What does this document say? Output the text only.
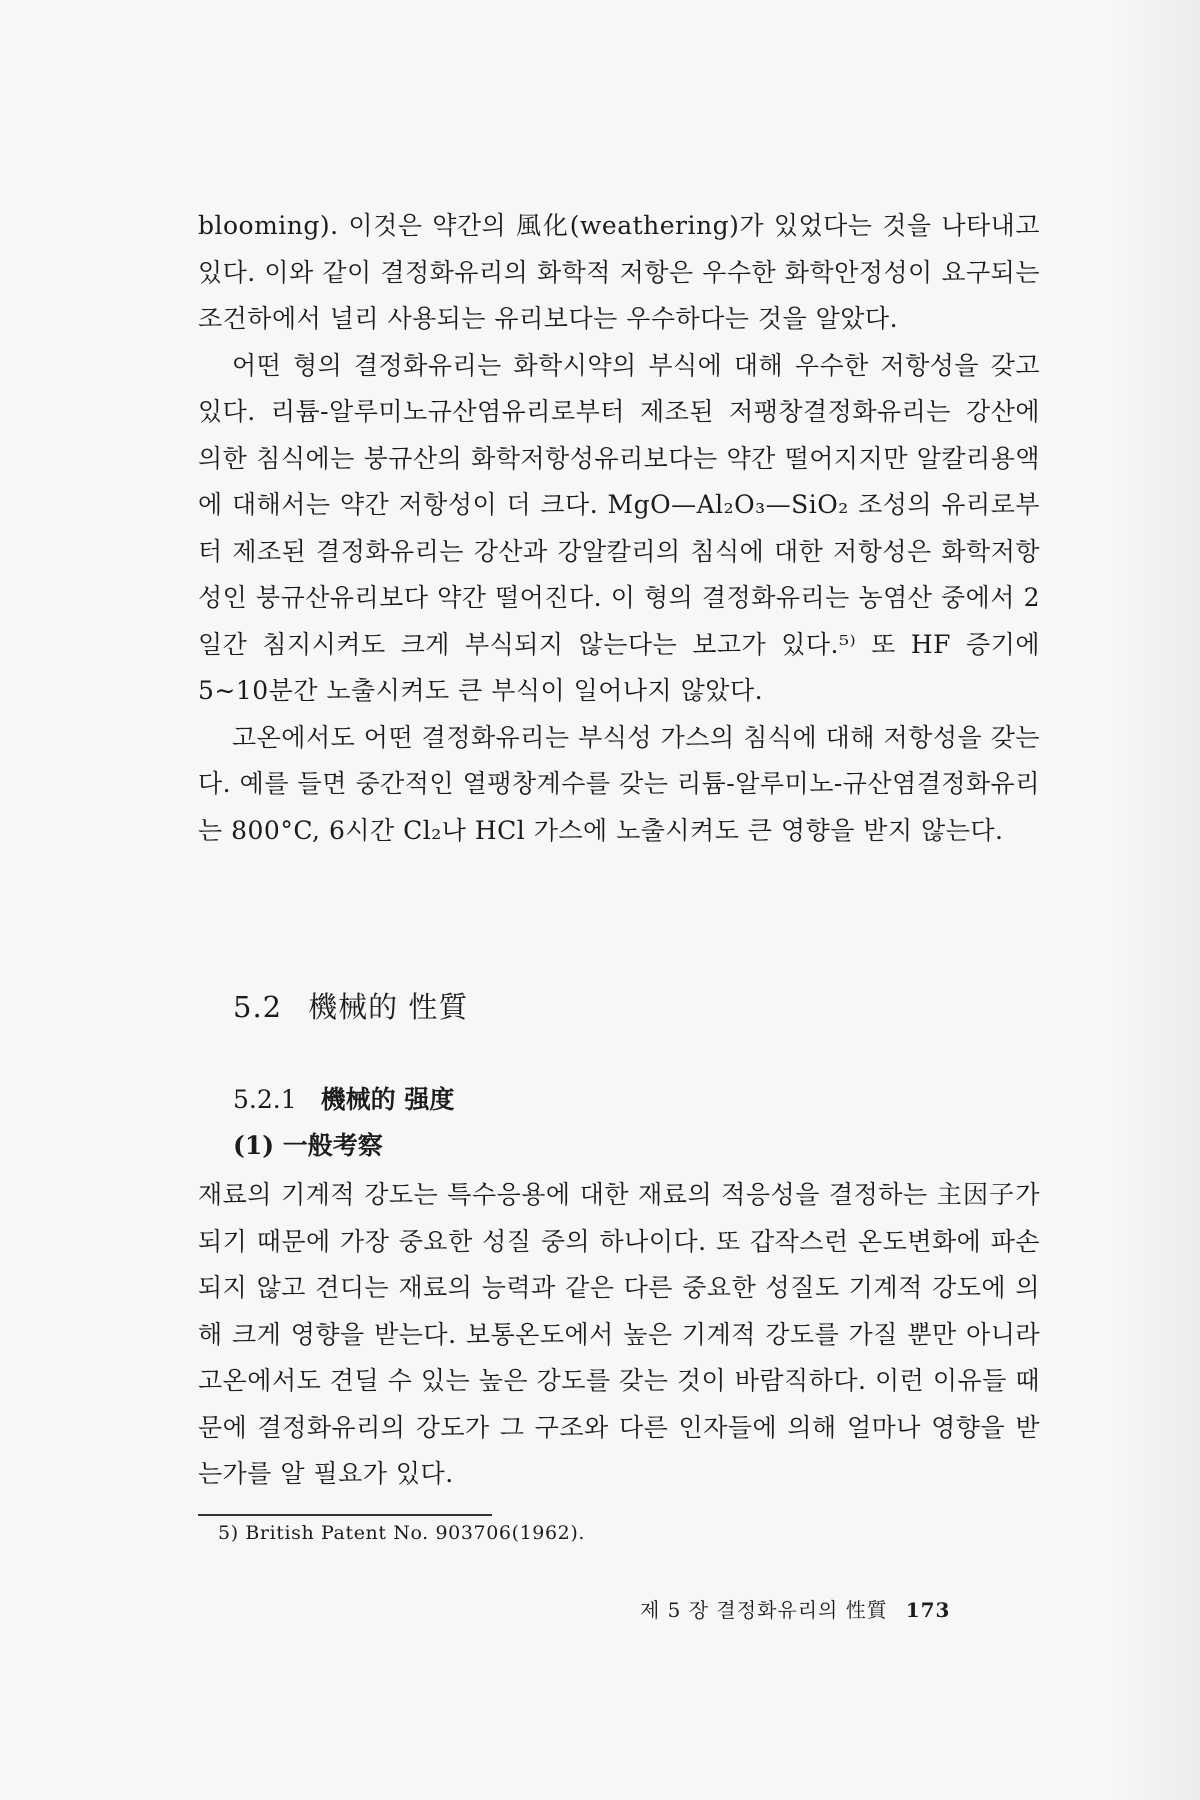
blooming). 이것은 약간의 風化(weathering)가 있었다는 것을 나타내고 있다. 이와 같이 결정화유리의 화학적 저항은 우수한 화학안정성이 요구되는 조건하에서 널리 사용되는 유리보다는 우수하다는 것을 알았다.

어떤 형의 결정화유리는 화학시약의 부식에 대해 우수한 저항성을 갖고 있다. 리튬-알루미노규산염유리로부터 제조된 저팽창결정화유리는 강산에 의한 침식에는 붕규산의 화학저항성유리보다는 약간 떨어지지만 알칼리용액에 대해서는 약간 저항성이 더 크다. MgO—Al₂O₃—SiO₂ 조성의 유리로부터 제조된 결정화유리는 강산과 강알칼리의 침식에 대한 저항성은 화학저항성인 붕규산유리보다 약간 떨어진다. 이 형의 결정화유리는 농염산 중에서 2일간 침지시켜도 크게 부식되지 않는다는 보고가 있다.⁵⁾ 또 HF 증기에 5∼10분간 노출시켜도 큰 부식이 일어나지 않았다.

고온에서도 어떤 결정화유리는 부식성 가스의 침식에 대해 저항성을 갖는다. 예를 들면 중간적인 열팽창계수를 갖는 리튬-알루미노-규산염결정화유리는 800°C, 6시간 Cl₂나 HCl 가스에 노출시켜도 큰 영향을 받지 않는다.

5.2 機械的 性質
5.2.1 機械的 强度
(1) 一般考察

재료의 기계적 강도는 특수응용에 대한 재료의 적응성을 결정하는 主因子가 되기 때문에 가장 중요한 성질 중의 하나이다. 또 갑작스런 온도변화에 파손되지 않고 견디는 재료의 능력과 같은 다른 중요한 성질도 기계적 강도에 의해 크게 영향을 받는다. 보통온도에서 높은 기계적 강도를 가질 뿐만 아니라 고온에서도 견딜 수 있는 높은 강도를 갖는 것이 바람직하다. 이런 이유들 때문에 결정화유리의 강도가 그 구조와 다른 인자들에 의해 얼마나 영향을 받는가를 알 필요가 있다.

5) British Patent No. 903706(1962).
제 5 장 결정화유리의 性質 173
